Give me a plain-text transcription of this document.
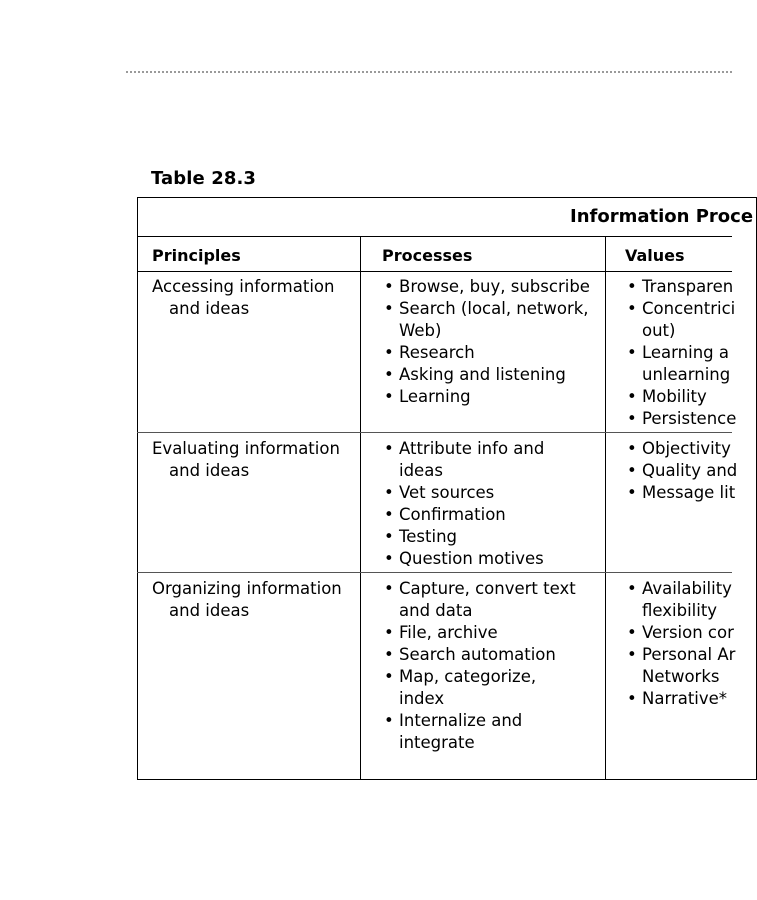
Table 28.3
Information Proce
Principles	Processes	Values
Accessing information
and ideas
• Browse, buy, subscribe
• Search (local, network,
Web)
• Research
• Asking and listening
• Learning
• Transparen
• Concentrici
out)
• Learning a
unlearning
• Mobility
• Persistence
Evaluating information
and ideas
• Attribute info and
ideas
• Vet sources
• Confirmation
• Testing
• Question motives
• Objectivity
• Quality and
• Message lit
Organizing information
and ideas
• Capture, convert text
and data
• File, archive
• Search automation
• Map, categorize,
index
• Internalize and
integrate
• Availability
flexibility
• Version cor
• Personal Ar
Networks
• Narrative*
